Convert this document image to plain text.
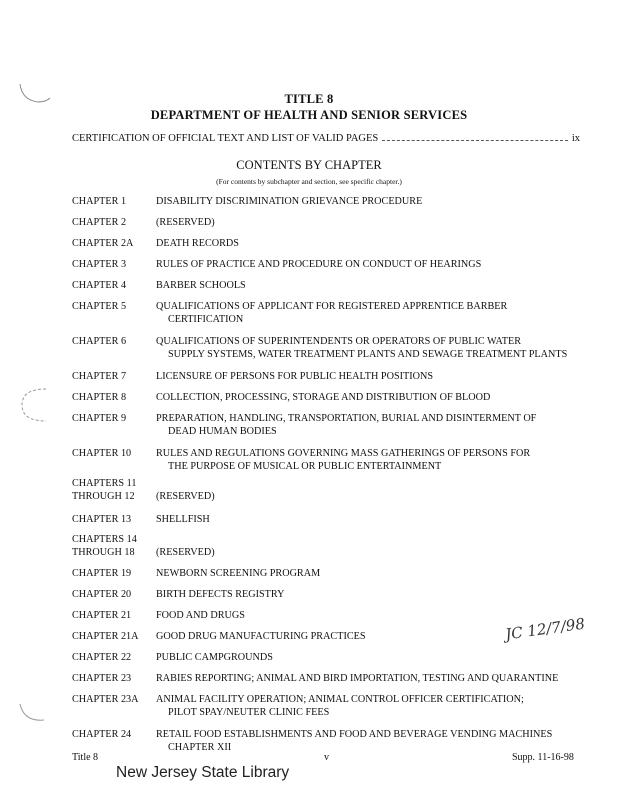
TITLE 8
DEPARTMENT OF HEALTH AND SENIOR SERVICES
CERTIFICATION OF OFFICIAL TEXT AND LIST OF VALID PAGES	ix
CONTENTS BY CHAPTER
(For contents by subchapter and section, see specific chapter.)
CHAPTER 1	DISABILITY DISCRIMINATION GRIEVANCE PROCEDURE
CHAPTER 2	(RESERVED)
CHAPTER 2A	DEATH RECORDS
CHAPTER 3	RULES OF PRACTICE AND PROCEDURE ON CONDUCT OF HEARINGS
CHAPTER 4	BARBER SCHOOLS
CHAPTER 5	QUALIFICATIONS OF APPLICANT FOR REGISTERED APPRENTICE BARBER
CERTIFICATION
CHAPTER 6	QUALIFICATIONS OF SUPERINTENDENTS OR OPERATORS OF PUBLIC WATER
SUPPLY SYSTEMS, WATER TREATMENT PLANTS AND SEWAGE TREATMENT PLANTS
CHAPTER 7	LICENSURE OF PERSONS FOR PUBLIC HEALTH POSITIONS
CHAPTER 8	COLLECTION, PROCESSING, STORAGE AND DISTRIBUTION OF BLOOD
CHAPTER 9	PREPARATION, HANDLING, TRANSPORTATION, BURIAL AND DISINTERMENT OF
DEAD HUMAN BODIES
CHAPTER 10	RULES AND REGULATIONS GOVERNING MASS GATHERINGS OF PERSONS FOR
THE PURPOSE OF MUSICAL OR PUBLIC ENTERTAINMENT
CHAPTERS 11
THROUGH 12	(RESERVED)
CHAPTER 13	SHELLFISH
CHAPTERS 14
THROUGH 18	(RESERVED)
CHAPTER 19	NEWBORN SCREENING PROGRAM
CHAPTER 20	BIRTH DEFECTS REGISTRY
CHAPTER 21	FOOD AND DRUGS
CHAPTER 21A	GOOD DRUG MANUFACTURING PRACTICES
CHAPTER 22	PUBLIC CAMPGROUNDS
CHAPTER 23	RABIES REPORTING; ANIMAL AND BIRD IMPORTATION, TESTING AND QUARANTINE
CHAPTER 23A	ANIMAL FACILITY OPERATION; ANIMAL CONTROL OFFICER CERTIFICATION;
PILOT SPAY/NEUTER CLINIC FEES
CHAPTER 24	RETAIL FOOD ESTABLISHMENTS AND FOOD AND BEVERAGE VENDING MACHINES
CHAPTER XII
Title 8	v	Supp. 11-16-98
New Jersey State Library
JC 12/7/98
